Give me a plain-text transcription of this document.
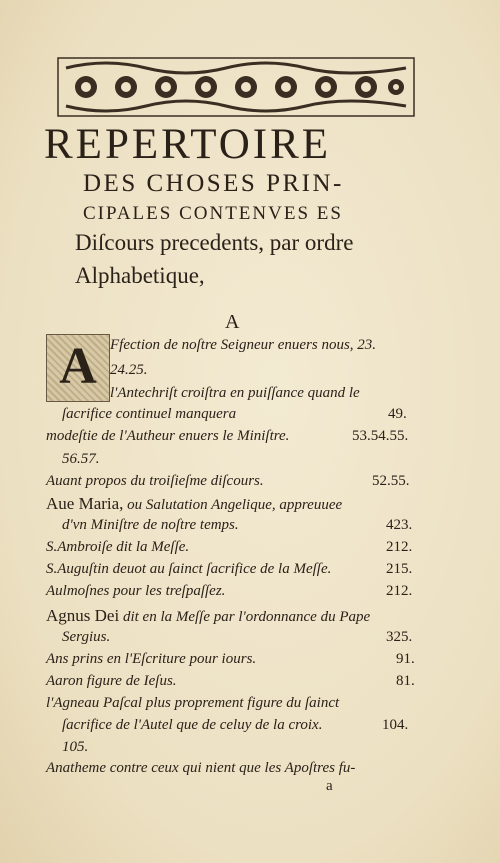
REPERTOIRE
DES CHOSES PRIN-
CIPALES CONTENVES ES
Diſcours precedents, par ordre
Alphabetique,
A
A Ffection de noſtre Seigneur enuers nous, 23.
24.25.
l'Antechriſt croiſtra en puiſſance quand le
ſacrifice continuel manquera	49.
modeſtie de l'Autheur enuers le Miniſtre.	53.54.55.
56.57.
Auant propos du troiſieſme diſcours.	52.55.
Aue Maria, ou Salutation Angelique, appreuuee
d'vn Miniſtre de noſtre temps.	423.
S.Ambroiſe dit la Meſſe.	212.
S.Auguſtin deuot au ſainct ſacrifice de la Meſſe.	215.
Aulmoſnes pour les treſpaſſez.	212.
Agnus Dei dit en la Meſſe par l'ordonnance du Pape
Sergius.	325.
Ans prins en l'Eſcriture pour iours.	91.
Aaron figure de Ieſus.	81.
l'Agneau Paſcal plus proprement figure du ſainct
ſacrifice de l'Autel que de celuy de la croix.	104.
105.
Anatheme contre ceux qui nient que les Apoſtres fu-
a
